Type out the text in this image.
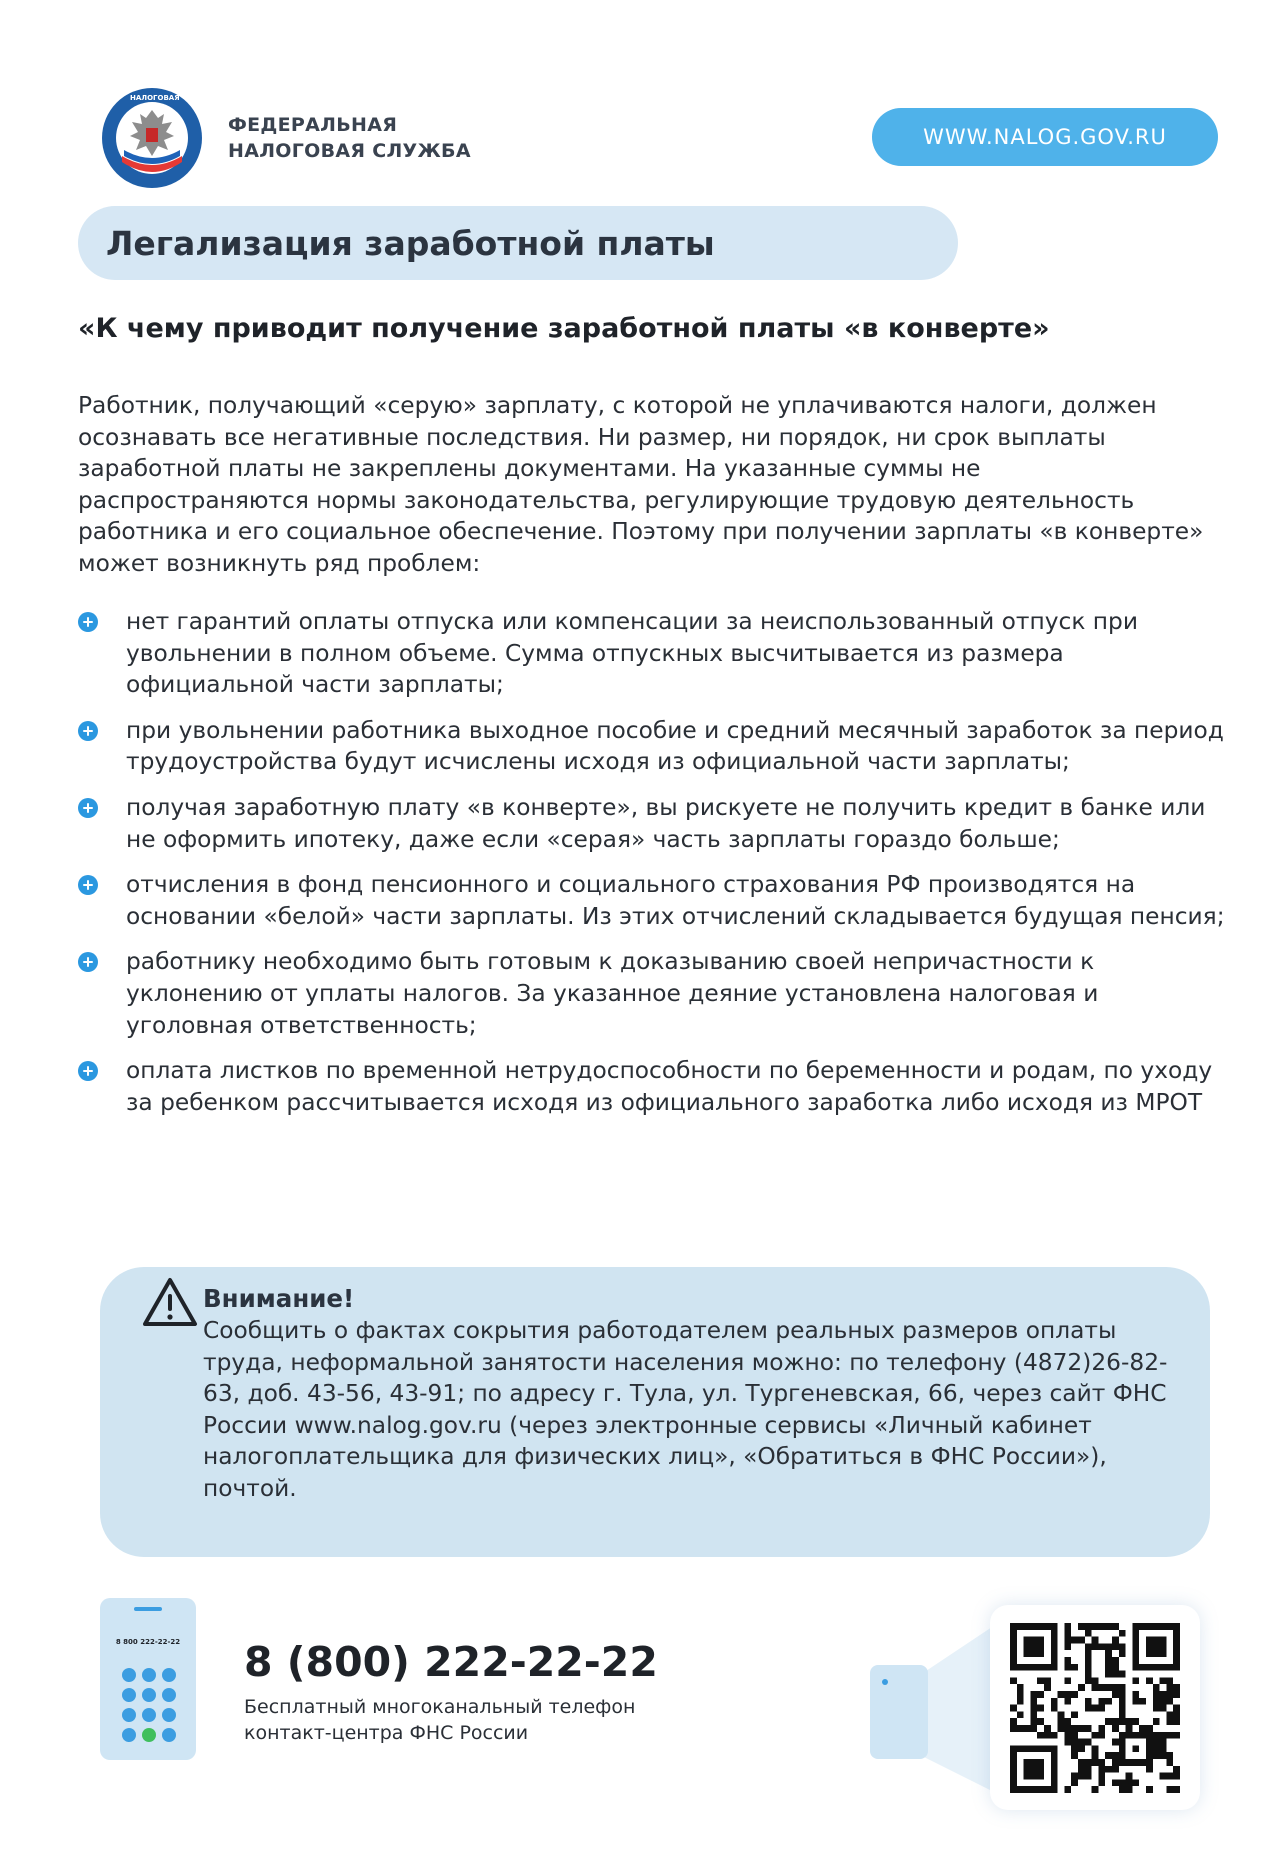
НАЛОГОВАЯ
ФЕДЕРАЛЬНАЯ
НАЛОГОВАЯ СЛУЖБА
WWW.NALOG.GOV.RU
Легализация заработной платы
«К чему приводит получение заработной платы «в конверте»
Работник, получающий «серую» зарплату, с которой не уплачиваются налоги, должен осознавать все негативные последствия. Ни размер, ни порядок, ни срок выплаты заработной платы не закреплены документами. На указанные суммы не распространяются нормы законодательства, регулирующие трудовую деятельность работника и его социальное обеспечение. Поэтому при получении зарплаты «в конверте» может возникнуть ряд проблем:
нет гарантий оплаты отпуска или компенсации за неиспользованный отпуск при увольнении в полном объеме. Сумма отпускных высчитывается из размера официальной части зарплаты;
при увольнении работника выходное пособие и средний месячный заработок за период трудоустройства будут исчислены исходя из официальной части зарплаты;
получая заработную плату «в конверте», вы рискуете не получить кредит в банке или не оформить ипотеку, даже если «серая» часть зарплаты гораздо больше;
отчисления в фонд пенсионного и социального страхования РФ производятся на основании «белой» части зарплаты. Из этих отчислений складывается будущая пенсия;
работнику необходимо быть готовым к доказыванию своей непричастности к уклонению от уплаты налогов. За указанное деяние установлена налоговая и уголовная ответственность;
оплата листков по временной нетрудоспособности по беременности и родам, по уходу за ребенком рассчитывается исходя из официального заработка либо исходя из МРОТ
Внимание!
Сообщить о фактах сокрытия работодателем реальных размеров оплаты труда, неформальной занятости населения можно: по телефону (4872)26-82-63, доб. 43-56, 43-91; по адресу г. Тула, ул. Тургеневская, 66, через сайт ФНС России www.nalog.gov.ru (через электронные сервисы «Личный кабинет налогоплательщика для физических лиц», «Обратиться в ФНС России»), почтой.
8 800 222-22-22	8 (800) 222-22-22
Бесплатный многоканальный телефон
контакт-центра ФНС России
